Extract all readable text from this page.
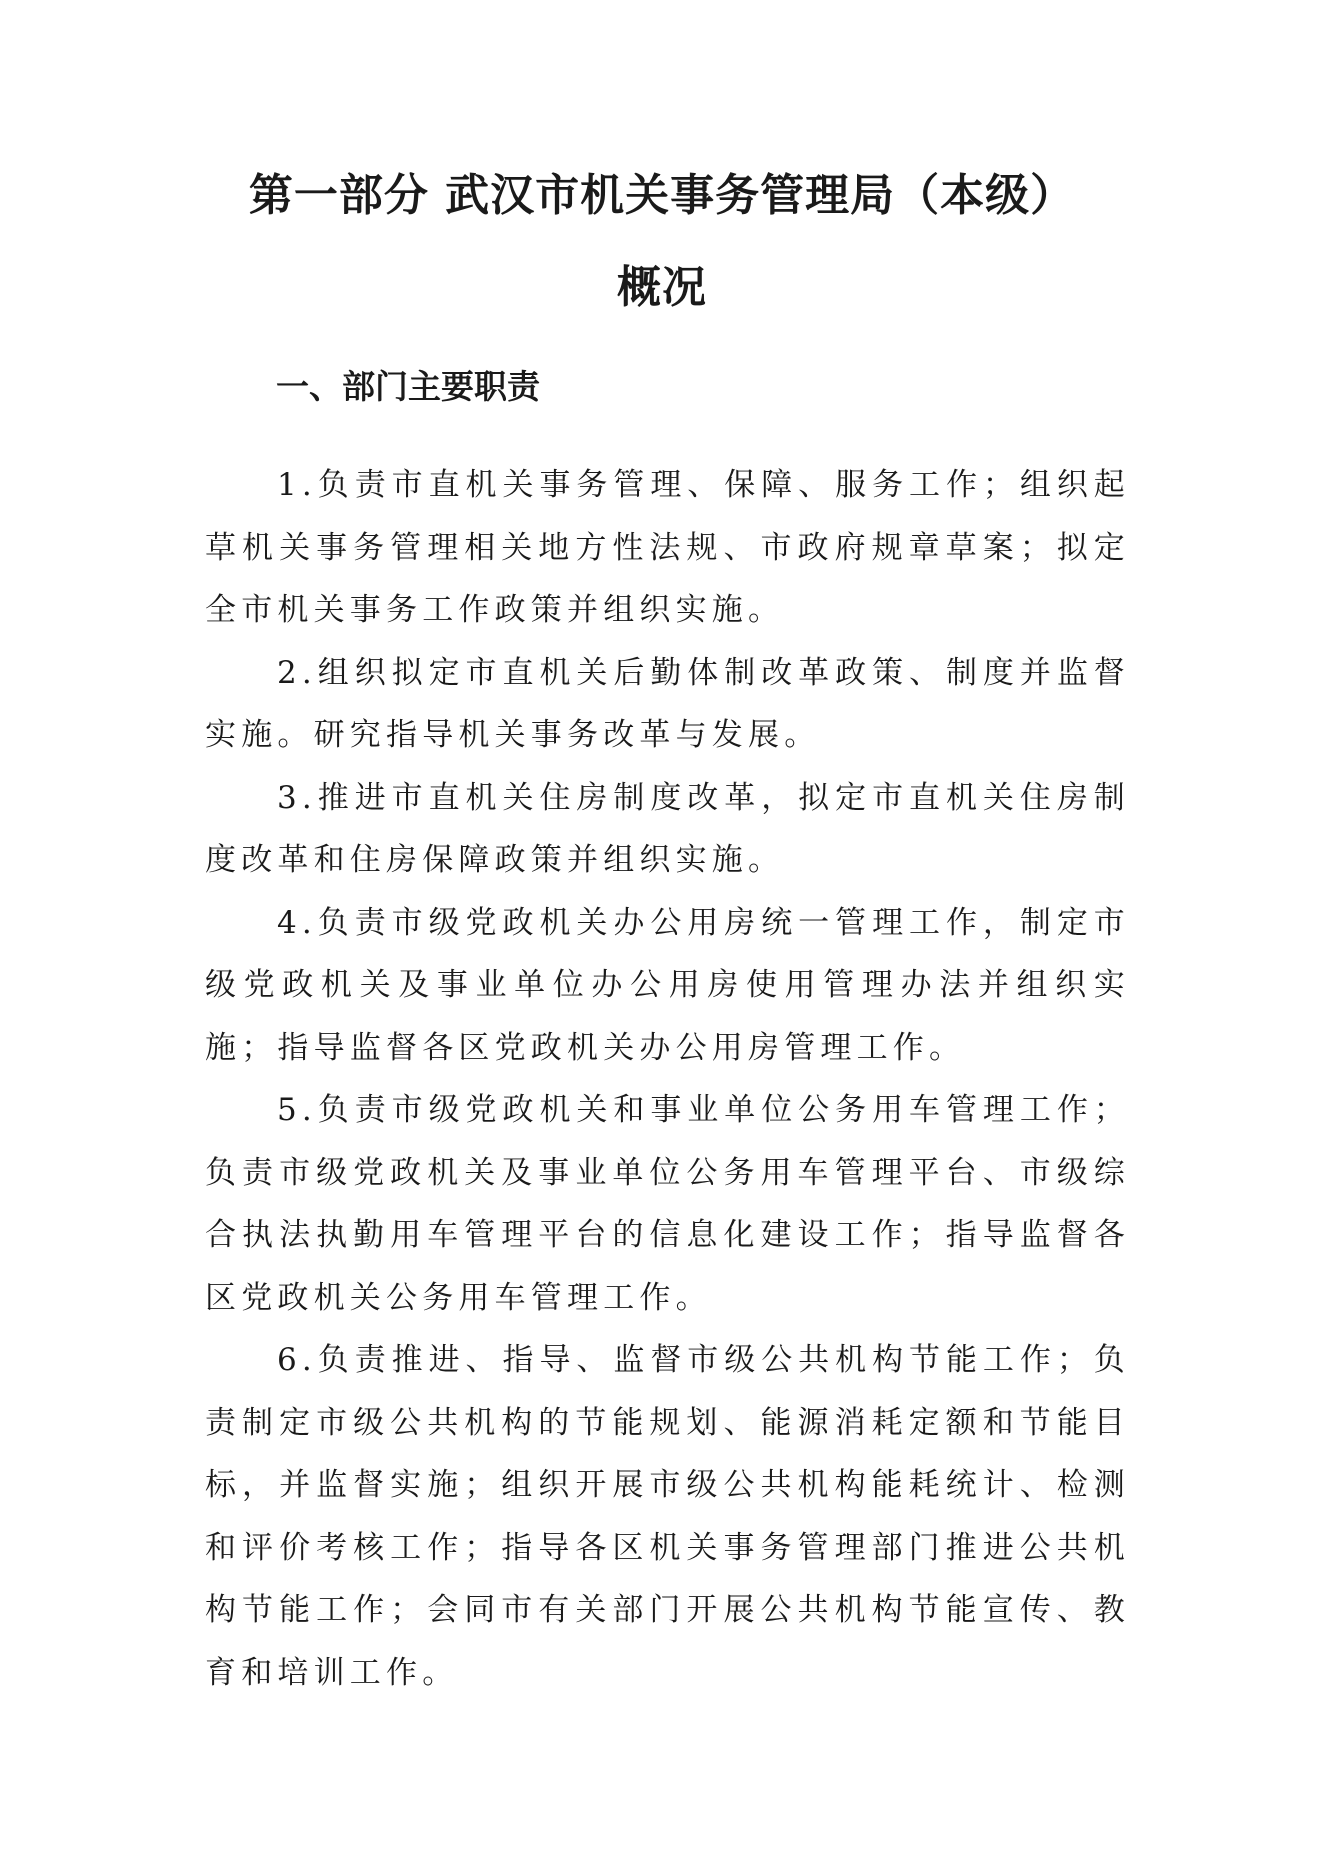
第一部分 武汉市机关事务管理局（本级）
概况
一、部门主要职责

1.负责市直机关事务管理、保障、服务工作；组织起草机关事务管理相关地方性法规、市政府规章草案；拟定全市机关事务工作政策并组织实施。

2.组织拟定市直机关后勤体制改革政策、制度并监督实施。研究指导机关事务改革与发展。

3.推进市直机关住房制度改革，拟定市直机关住房制度改革和住房保障政策并组织实施。

4.负责市级党政机关办公用房统一管理工作，制定市级党政机关及事业单位办公用房使用管理办法并组织实施；指导监督各区党政机关办公用房管理工作。

5.负责市级党政机关和事业单位公务用车管理工作；负责市级党政机关及事业单位公务用车管理平台、市级综合执法执勤用车管理平台的信息化建设工作；指导监督各区党政机关公务用车管理工作。

6.负责推进、指导、监督市级公共机构节能工作；负责制定市级公共机构的节能规划、能源消耗定额和节能目标，并监督实施；组织开展市级公共机构能耗统计、检测和评价考核工作；指导各区机关事务管理部门推进公共机构节能工作；会同市有关部门开展公共机构节能宣传、教育和培训工作。
